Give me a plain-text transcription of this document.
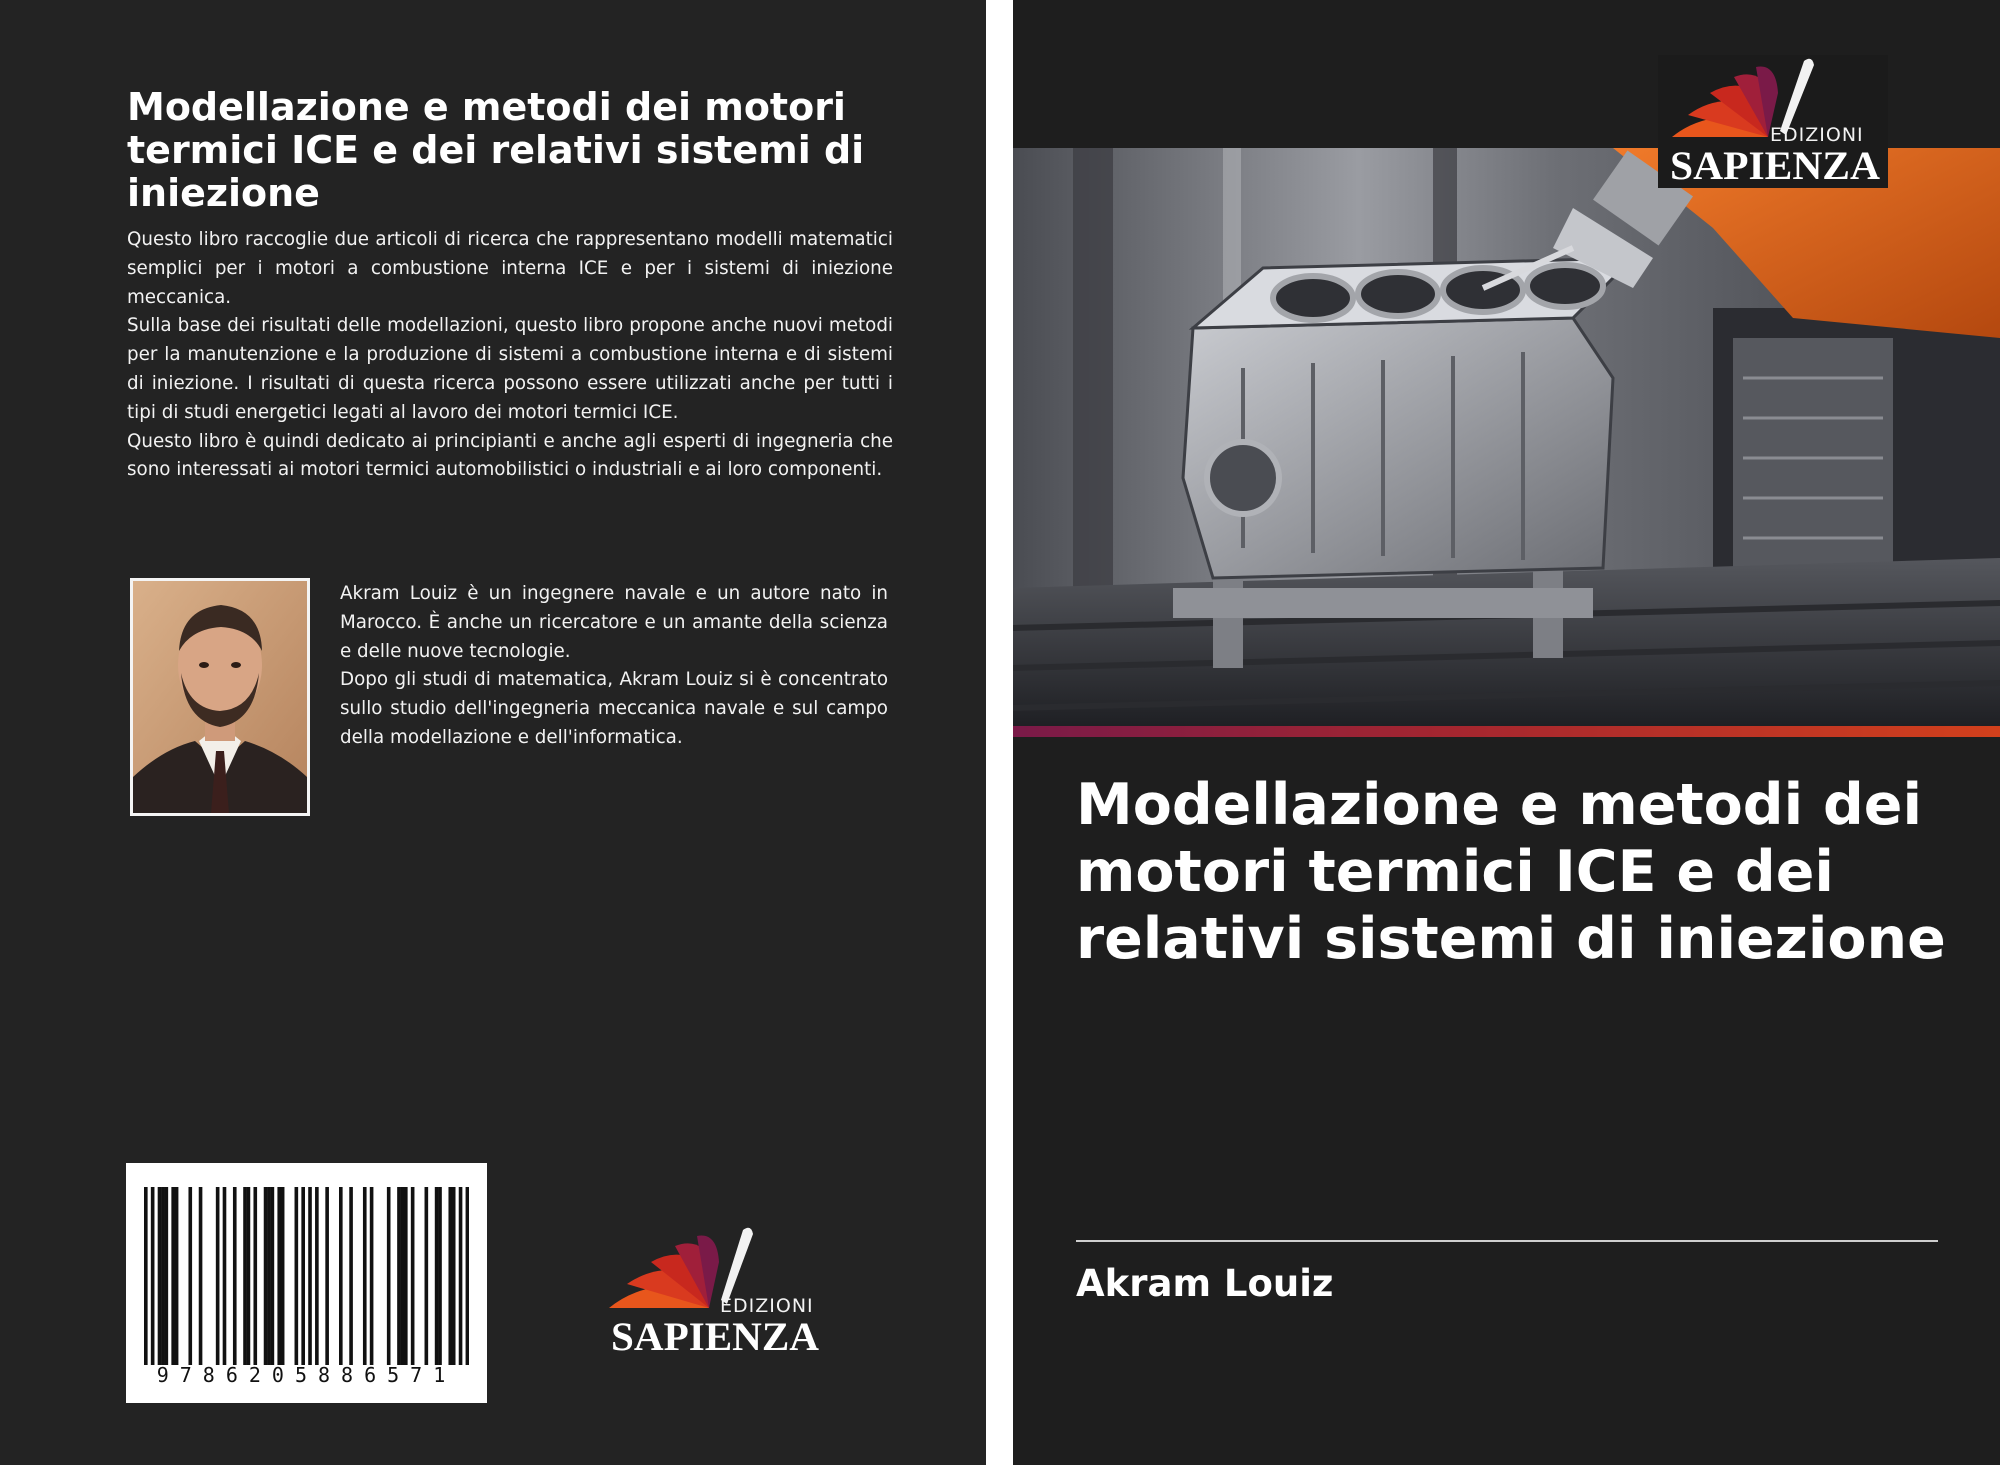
Modellazione e metodi dei motori termici ICE e dei relativi sistemi di iniezione

Questo libro raccoglie due articoli di ricerca che rappresentano modelli matematici semplici per i motori a combustione interna ICE e per i sistemi di iniezione meccanica.

Sulla base dei risultati delle modellazioni, questo libro propone anche nuovi metodi per la manutenzione e la produzione di sistemi a combustione interna e di sistemi di iniezione. I risultati di questa ricerca possono essere utilizzati anche per tutti i tipi di studi energetici legati al lavoro dei motori termici ICE.

Questo libro è quindi dedicato ai principianti e anche agli esperti di ingegneria che sono interessati ai motori termici automobilistici o industriali e ai loro componenti.

Akram Louiz è un ingegnere navale e un autore nato in Marocco. È anche un ricercatore e un amante della scienza e delle nuove tecnologie.

Dopo gli studi di matematica, Akram Louiz si è concentrato sullo studio dell'ingegneria meccanica navale e sul campo della modellazione e dell'informatica.

9786205886571
EDIZIONI
SAPIENZA
EDIZIONI
SAPIENZA
Modellazione e metodi dei motori termici ICE e dei relativi sistemi di iniezione
Akram Louiz
